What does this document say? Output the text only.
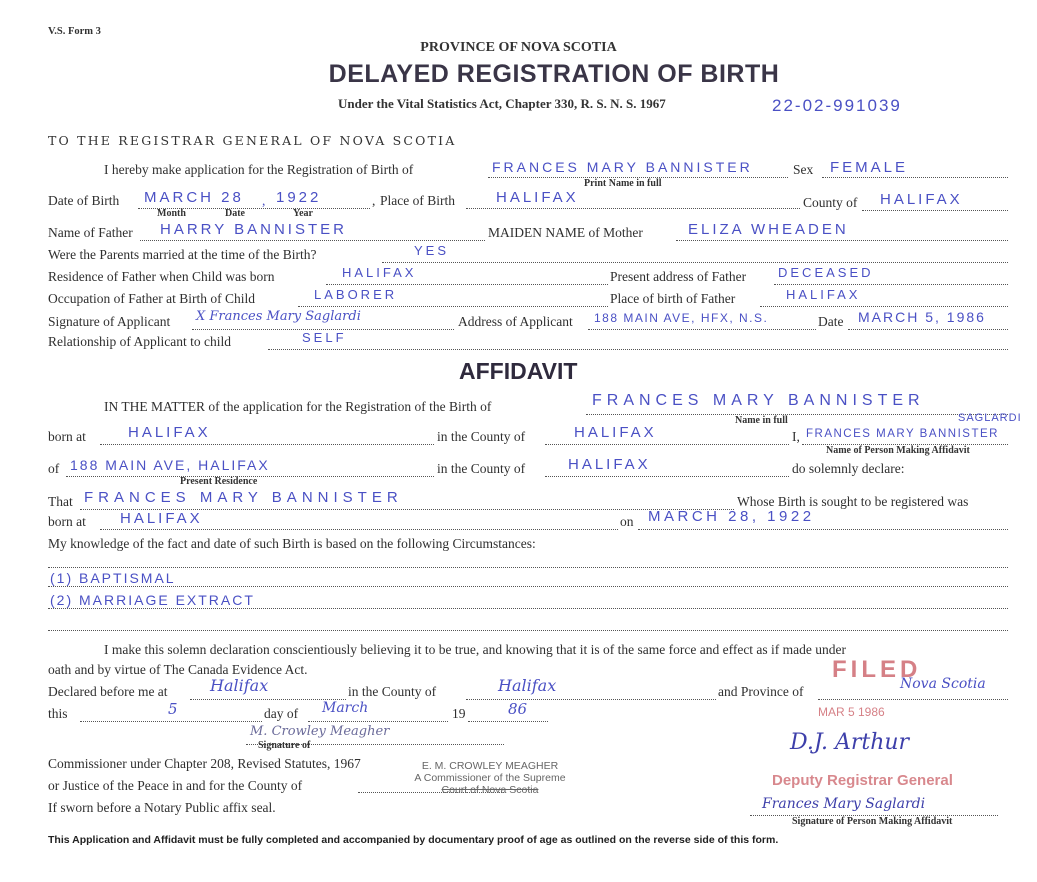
V.S. Form 3
PROVINCE OF NOVA SCOTIA
DELAYED REGISTRATION OF BIRTH
Under the Vital Statistics Act, Chapter 330, R. S. N. S. 1967	22-02-991039
TO THE REGISTRAR GENERAL OF NOVA SCOTIA
I hereby make application for the Registration of Birth of	FRANCES MARY BANNISTER
Print Name in full
Sex FEMALE
Date of Birth MARCH 28 , 1922
Month	Date	Year
, Place of Birth	HALIFAX	County of HALIFAX
Name of Father HARRY BANNISTER	MAIDEN NAME of Mother	ELIZA WHEADEN
Were the Parents married at the time of the Birth?	YES
Residence of Father when Child was born	HALIFAX	Present address of Father DECEASED
Occupation of Father at Birth of Child	LABORER	Place of birth of Father	HALIFAX
Signature of Applicant X Frances Mary Saglardi	Address of Applicant 188 MAIN AVE, HFX, N.S.	Date MARCH 5, 1986
Relationship of Applicant to child	SELF
AFFIDAVIT
IN THE MATTER of the application for the Registration of the Birth of	FRANCES MARY BANNISTER
Name in full
born at	HALIFAX	in the County of	HALIFAX	I, FRANCES MARY BANNISTER
SAGLARDI
Name of Person Making Affidavit
of 188 MAIN AVE, HALIFAX
Present Residence
in the County of	HALIFAX	do solemnly declare:
That FRANCES MARY BANNISTER	Whose Birth is sought to be registered was
born at HALIFAX	on MARCH 28, 1922
My knowledge of the fact and date of such Birth is based on the following Circumstances:
(1) BAPTISMAL
(2) MARRIAGE EXTRACT
I make this solemn declaration conscientiously believing it to be true, and knowing that it is of the same force and effect as if made under
oath and by virtue of The Canada Evidence Act.
Declared before me at	Halifax	in the County of	Halifax	and Province of	Nova Scotia
this	5	day of March	19	86
M. Crowley Meagher
Signature of
Commissioner under Chapter 208, Revised Statutes, 1967
or Justice of the Peace in and for the County of
If sworn before a Notary Public affix seal.
E. M. CROWLEY MEAGHER
A Commissioner of the Supreme
Court of Nova Scotia
FILED
MAR 5 1986
D.J. Arthur
Deputy Registrar General
Frances Mary Saglardi
Signature of Person Making Affidavit
This Application and Affidavit must be fully completed and accompanied by documentary proof of age as outlined on the reverse side of this form.
